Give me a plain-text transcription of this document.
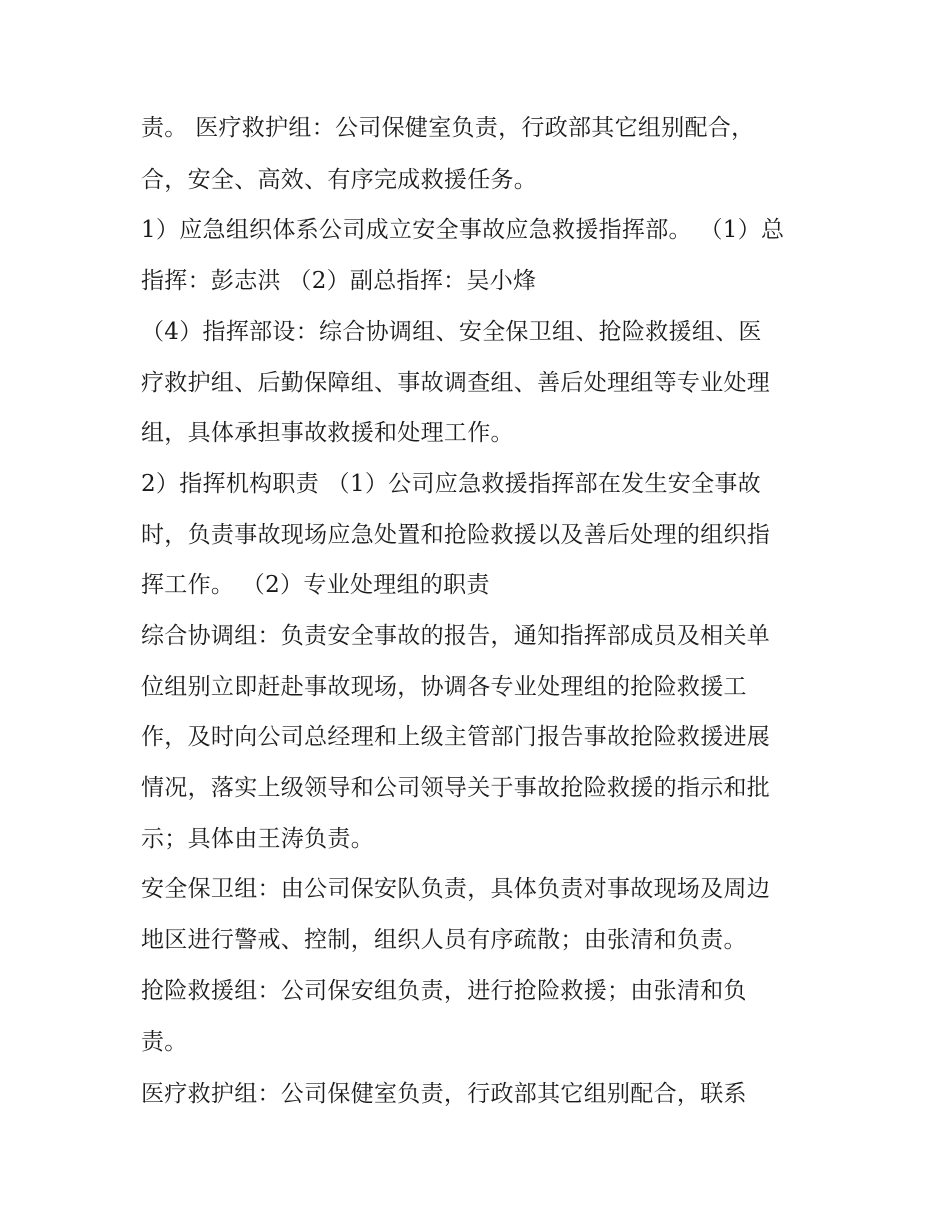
责。 医疗救护组：公司保健室负责，行政部其它组别配合，
合，安全、高效、有序完成救援任务。
1）应急组织体系公司成立安全事故应急救援指挥部。 （1）总
指挥：彭志洪 （2）副总指挥：吴小烽
（4）指挥部设：综合协调组、安全保卫组、抢险救援组、医
疗救护组、后勤保障组、事故调查组、善后处理组等专业处理
组，具体承担事故救援和处理工作。
2）指挥机构职责 （1）公司应急救援指挥部在发生安全事故
时，负责事故现场应急处置和抢险救援以及善后处理的组织指
挥工作。 （2）专业处理组的职责
综合协调组：负责安全事故的报告，通知指挥部成员及相关单
位组别立即赶赴事故现场，协调各专业处理组的抢险救援工
作，及时向公司总经理和上级主管部门报告事故抢险救援进展
情况，落实上级领导和公司领导关于事故抢险救援的指示和批
示；具体由王涛负责。
安全保卫组：由公司保安队负责，具体负责对事故现场及周边
地区进行警戒、控制，组织人员有序疏散；由张清和负责。
抢险救援组：公司保安组负责，进行抢险救援；由张清和负
责。
医疗救护组：公司保健室负责，行政部其它组别配合，联系
